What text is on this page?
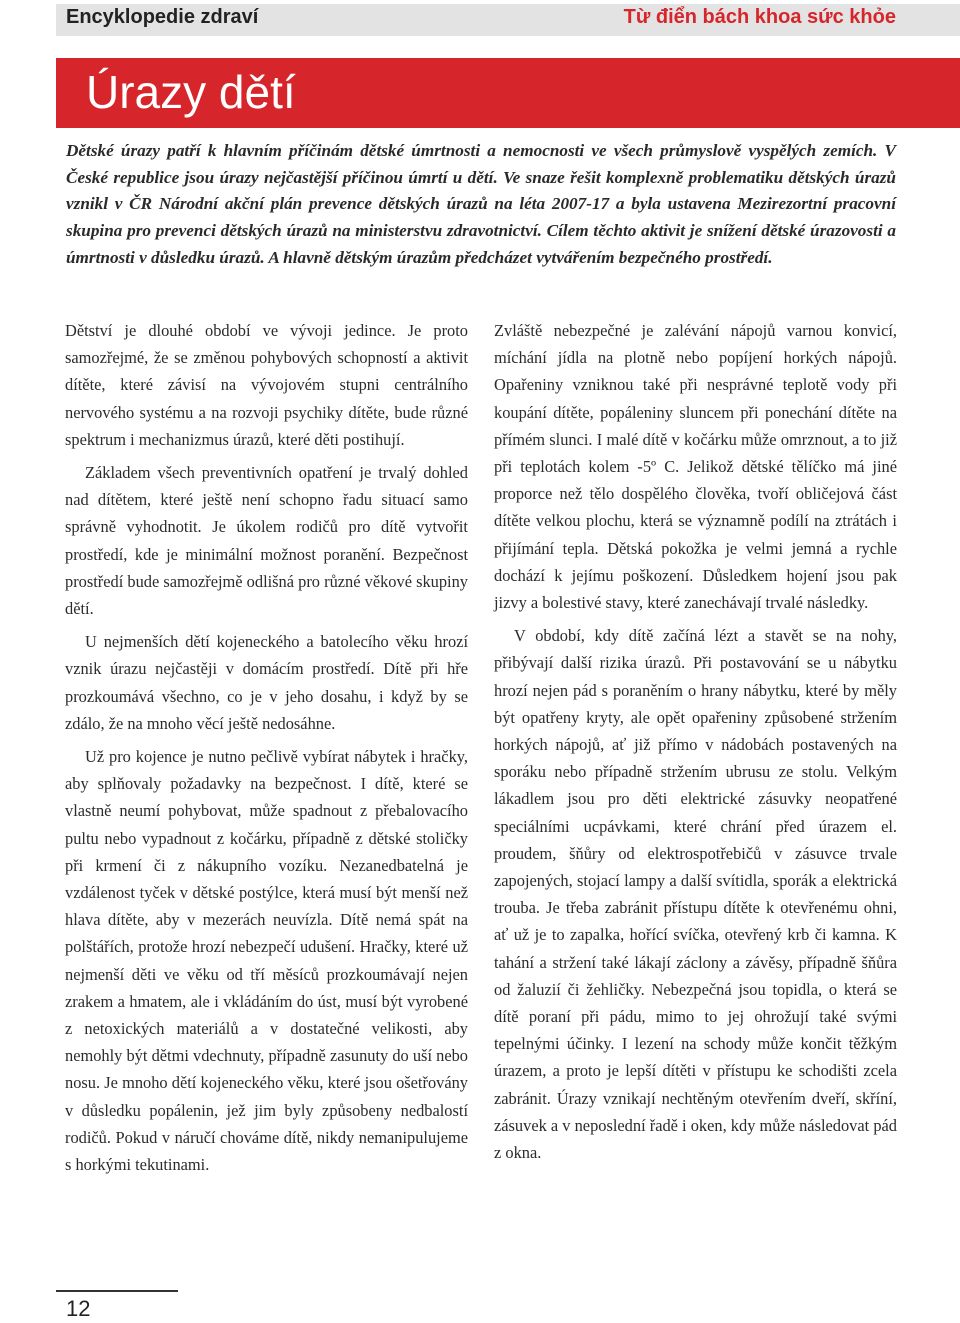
Encyklopedie zdraví	Từ điển bách khoa sức khỏe
Úrazy dětí

Dětské úrazy patří k hlavním příčinám dětské úmrtnosti a nemocnosti ve všech průmyslově vyspělých zemích. V České republice jsou úrazy nejčastější příčinou úmrtí u dětí. Ve snaze řešit komplexně problematiku dětských úrazů vznikl v ČR Národní akční plán prevence dětských úrazů na léta 2007-17 a byla ustavena Mezirezortní pracovní skupina pro prevenci dětských úrazů na ministerstvu zdravotnictví. Cílem těchto aktivit je snížení dětské úrazovosti a úmrtnosti v důsledku úrazů. A hlavně dětským úrazům předcházet vytvářením bezpečného prostředí.

Dětství je dlouhé období ve vývoji jedince. Je proto samozřejmé, že se změnou pohybových schopností a aktivit dítěte, které závisí na vývojovém stupni centrálního nervového systému a na rozvoji psychiky dítěte, bude různé spektrum i mechanizmus úrazů, které děti postihují.

Základem všech preventivních opatření je trvalý dohled nad dítětem, které ještě není schopno řadu situací samo správně vyhodnotit. Je úkolem rodičů pro dítě vytvořit prostředí, kde je minimální možnost poranění. Bezpečnost prostředí bude samozřejmě odlišná pro různé věkové skupiny dětí.

U nejmenších dětí kojeneckého a batolecího věku hrozí vznik úrazu nejčastěji v domácím prostředí. Dítě při hře prozkoumává všechno, co je v jeho dosahu, i když by se zdálo, že na mnoho věcí ještě nedosáhne.

Už pro kojence je nutno pečlivě vybírat nábytek i hračky, aby splňovaly požadavky na bezpečnost. I dítě, které se vlastně neumí pohybovat, může spadnout z přebalovacího pultu nebo vypadnout z kočárku, případně z dětské stoličky při krmení či z nákupního vozíku. Nezanedbatelná je vzdálenost tyček v dětské postýlce, která musí být menší než hlava dítěte, aby v mezerách neuvízla. Dítě nemá spát na polštářích, protože hrozí nebezpečí udušení. Hračky, které už nejmenší děti ve věku od tří měsíců prozkoumávají nejen zrakem a hmatem, ale i vkládáním do úst, musí být vyrobené z netoxických materiálů a v dostatečné velikosti, aby nemohly být dětmi vdechnuty, případně zasunuty do uší nebo nosu. Je mnoho dětí kojeneckého věku, které jsou ošetřovány v důsledku popálenin, jež jim byly způsobeny nedbalostí rodičů. Pokud v náručí chováme dítě, nikdy nemanipulujeme s horkými tekutinami.

Zvláště nebezpečné je zalévání nápojů varnou konvicí, míchání jídla na plotně nebo popíjení horkých nápojů. Opařeniny vzniknou také při nesprávné teplotě vody při koupání dítěte, popáleniny sluncem při ponechání dítěte na přímém slunci. I malé dítě v kočárku může omrznout, a to již při teplotách kolem -5º C. Jelikož dětské tělíčko má jiné proporce než tělo dospělého člověka, tvoří obličejová část dítěte velkou plochu, která se významně podílí na ztrátách i přijímání tepla. Dětská pokožka je velmi jemná a rychle dochází k jejímu poškození. Důsledkem hojení jsou pak jizvy a bolestivé stavy, které zanechávají trvalé následky.

V období, kdy dítě začíná lézt a stavět se na nohy, přibývají další rizika úrazů. Při postavování se u nábytku hrozí nejen pád s poraněním o hrany nábytku, které by měly být opatřeny kryty, ale opět opařeniny způsobené stržením horkých nápojů, ať již přímo v nádobách postavených na sporáku nebo případně stržením ubrusu ze stolu. Velkým lákadlem jsou pro děti elektrické zásuvky neopatřené speciálními ucpávkami, které chrání před úrazem el. proudem, šňůry od elektrospotřebičů v zásuvce trvale zapojených, stojací lampy a další svítidla, sporák a elektrická trouba. Je třeba zabránit přístupu dítěte k otevřenému ohni, ať už je to zapalka, hořící svíčka, otevřený krb či kamna. K tahání a stržení také lákají záclony a závěsy, případně šňůra od žaluzií či žehličky. Nebezpečná jsou topidla, o která se dítě poraní při pádu, mimo to jej ohrožují také svými tepelnými účinky. I lezení na schody může končit těžkým úrazem, a proto je lepší dítěti v přístupu ke schodišti zcela zabránit. Úrazy vznikají nechtěným otevřením dveří, skříní, zásuvek a v neposlední řadě i oken, kdy může následovat pád z okna.

12
